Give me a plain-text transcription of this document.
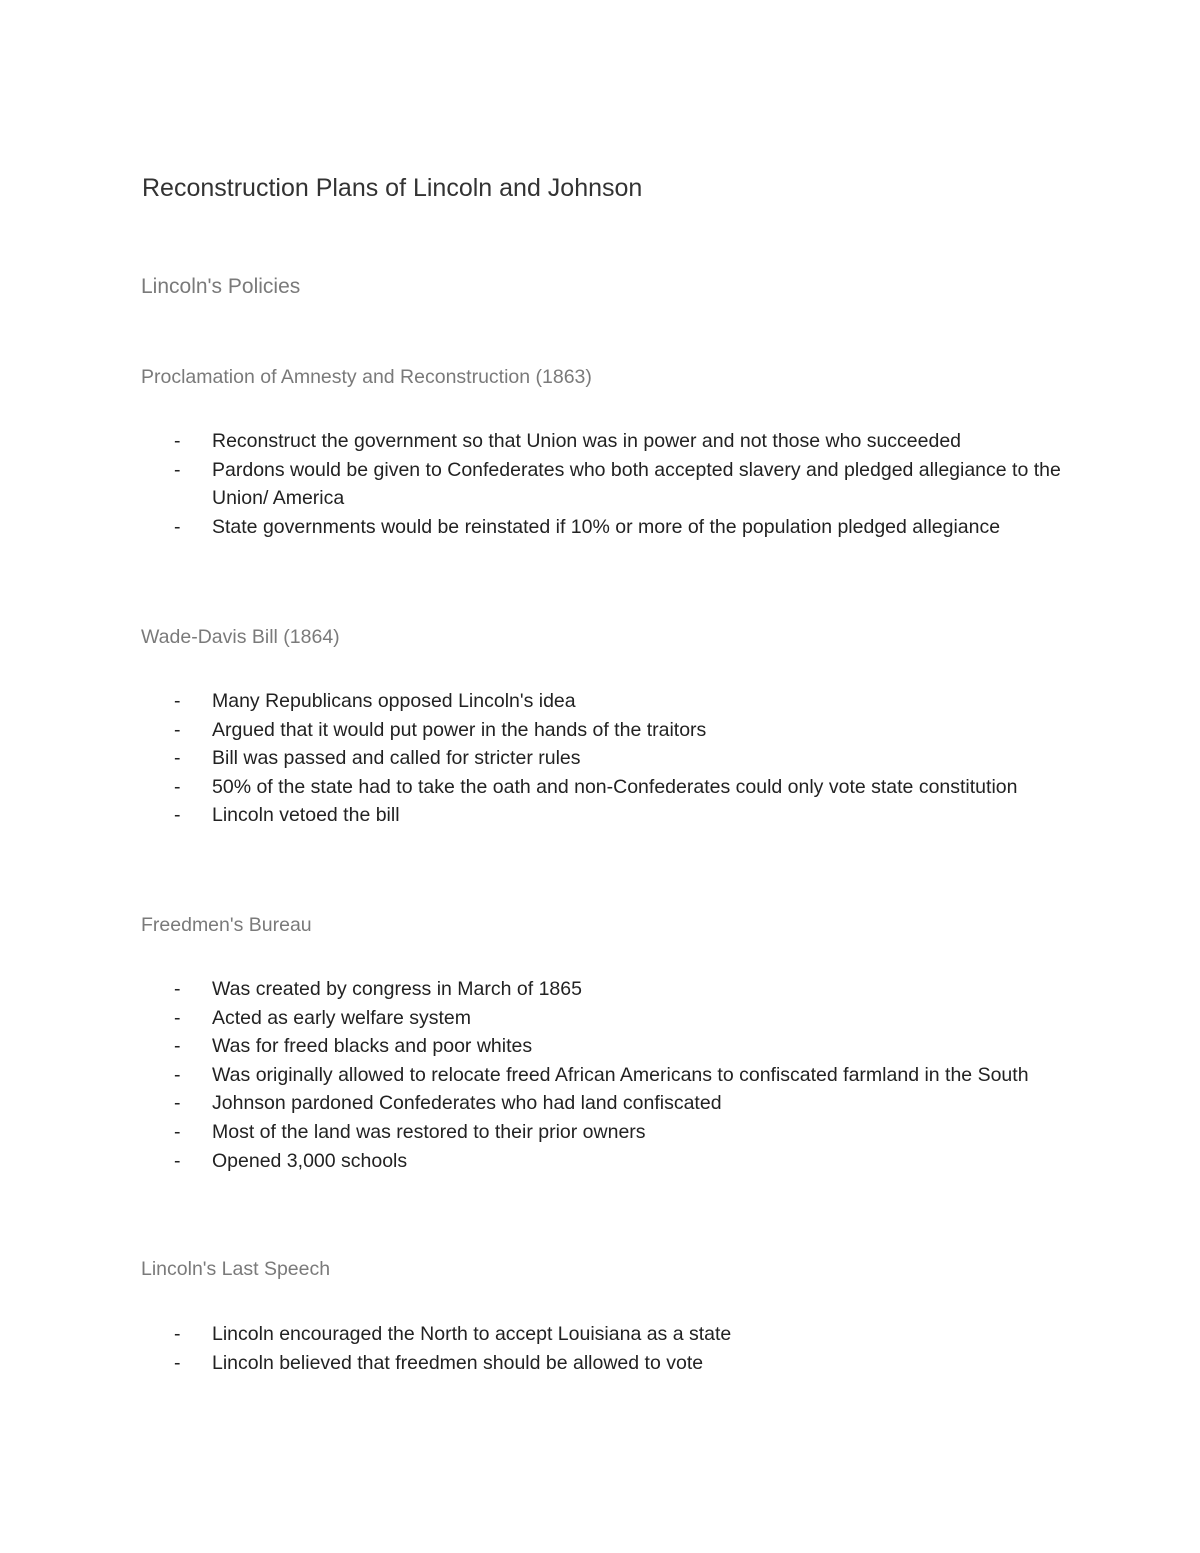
Reconstruction Plans of Lincoln and Johnson
Lincoln's Policies
Proclamation of Amnesty and Reconstruction (1863)
-	Reconstruct the government so that Union was in power and not those who succeeded
-	Pardons would be given to Confederates who both accepted slavery and pledged allegiance to the Union/ America
-	State governments would be reinstated if 10% or more of the population pledged allegiance
Wade-Davis Bill (1864)
-	Many Republicans opposed Lincoln's idea
-	Argued that it would put power in the hands of the traitors
-	Bill was passed and called for stricter rules
-	50% of the state had to take the oath and non-Confederates could only vote state constitution
-	Lincoln vetoed the bill
Freedmen's Bureau
-	Was created by congress in March of 1865
-	Acted as early welfare system
-	Was for freed blacks and poor whites
-	Was originally allowed to relocate freed African Americans to confiscated farmland in the South
-	Johnson pardoned Confederates who had land confiscated
-	Most of the land was restored to their prior owners
-	Opened 3,000 schools
Lincoln's Last Speech
-	Lincoln encouraged the North to accept Louisiana as a state
-	Lincoln believed that freedmen should be allowed to vote
